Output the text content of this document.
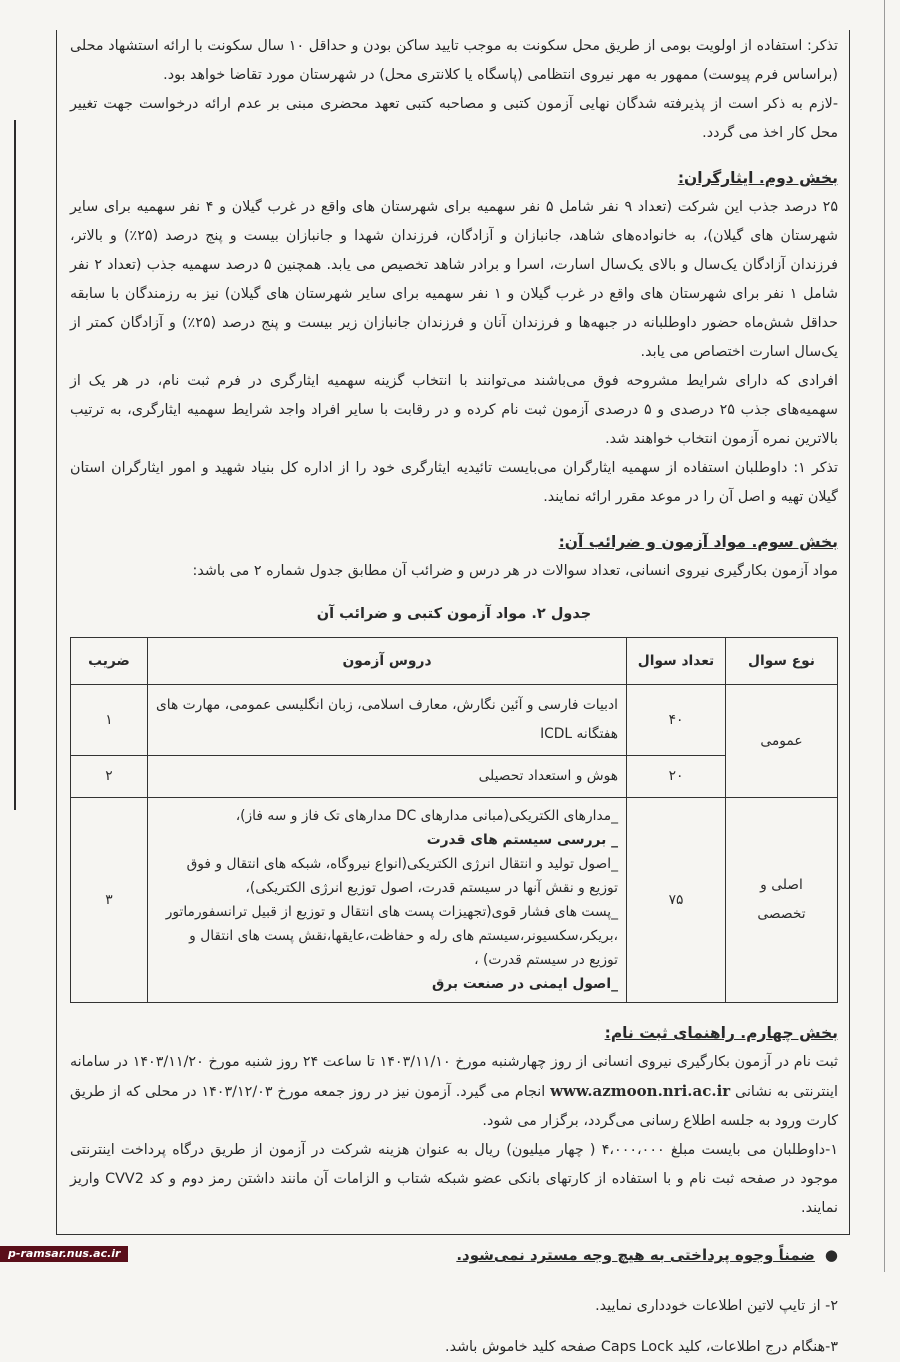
تذکر: استفاده از اولویت بومی از طریق محل سکونت به موجب تایید ساکن بودن و حداقل ۱۰ سال سکونت با ارائه استشهاد محلی (براساس فرم پیوست) ممهور به مهر نیروی انتظامی (پاسگاه یا کلانتری محل) در شهرستان مورد تقاضا خواهد بود.

-لازم به ذکر است از پذیرفته شدگان نهایی آزمون کتبی و مصاحبه کتبی تعهد محضری مبنی بر عدم ارائه درخواست جهت تغییر محل کار اخذ می گردد.

بخش دوم. ایثارگران:

۲۵ درصد جذب این شرکت (تعداد ۹ نفر شامل ۵ نفر سهمیه برای شهرستان های واقع در غرب گیلان و ۴ نفر سهمیه برای سایر شهرستان های گیلان)، به خانواده‌های شاهد، جانبازان و آزادگان، فرزندان شهدا و جانبازان بیست و پنج درصد (۲۵٪) و بالاتر، فرزندان آزادگان یک‌سال و بالای یک‌سال اسارت، اسرا و برادر شاهد تخصیص می یابد. همچنین ۵ درصد سهمیه جذب (تعداد ۲ نفر شامل ۱ نفر برای شهرستان های واقع در غرب گیلان و ۱ نفر سهمیه برای سایر شهرستان های گیلان) نیز به رزمندگان با سابقه حداقل شش‌ماه حضور داوطلبانه در جبهه‌ها و فرزندان آنان و فرزندان جانبازان زیر بیست و پنج درصد (۲۵٪) و آزادگان کمتر از یک‌سال اسارت اختصاص می یابد.

افرادی که دارای شرایط مشروحه فوق می‌باشند می‌توانند با انتخاب گزینه سهمیه ایثارگری در فرم ثبت نام، در هر یک از سهمیه‌های جذب ۲۵ درصدی و ۵ درصدی آزمون ثبت نام کرده و در رقابت با سایر افراد واجد شرایط سهمیه ایثارگری، به ترتیب بالاترین نمره آزمون انتخاب خواهند شد.

تذکر ۱: داوطلبان استفاده از سهمیه ایثارگران می‌بایست تائیدیه ایثارگری خود را از اداره کل بنیاد شهید و امور ایثارگران استان گیلان تهیه و اصل آن را در موعد مقرر ارائه نمایند.

بخش سوم. مواد آزمون و ضرائب آن:

مواد آزمون بکارگیری نیروی انسانی، تعداد سوالات در هر درس و ضرائب آن مطابق جدول شماره ۲ می باشد:

جدول ۲. مواد آزمون کتبی و ضرائب آن

نوع سوال	تعداد سوال	دروس آزمون	ضریب
عمومی	۴۰	ادبیات فارسی و آئین نگارش، معارف اسلامی، زبان انگلیسی عمومی، مهارت های هفتگانه ICDL	۱
	۲۰	هوش و استعداد تحصیلی	۲
اصلی و تخصصی	۷۵	_مدارهای الکتریکی(مبانی مدارهای DC مدارهای تک فاز و سه فاز)،
_ بررسی سیستم های قدرت
_اصول تولید و انتقال انرژی الکتریکی(انواع نیروگاه، شبکه های انتقال و فوق توزیع و نقش آنها در سیستم قدرت، اصول توزیع انرژی الکتریکی)،
_پست های فشار قوی(تجهیزات پست های انتقال و توزیع از قبیل ترانسفورماتور ،بریکر،سکسیونر،سیستم های رله و حفاظت،عایقها،نقش پست های انتقال و توزیع در سیستم قدرت) ،
_اصول ایمنی در صنعت برق	۳

بخش چهارم. راهنمای ثبت نام:

ثبت نام در آزمون بکارگیری نیروی انسانی از روز چهارشنبه مورخ ۱۴۰۳/۱۱/۱۰ تا ساعت ۲۴ روز شنبه مورخ ۱۴۰۳/۱۱/۲۰ در سامانه اینترنتی به نشانی www.azmoon.nri.ac.ir انجام می گیرد. آزمون نیز در روز جمعه مورخ ۱۴۰۳/۱۲/۰۳ در محلی که از طریق کارت ورود به جلسه اطلاع رسانی می‌گردد، برگزار می شود.

۱-داوطلبان می بایست مبلغ ۴،۰۰۰،۰۰۰ ( چهار میلیون) ریال به عنوان هزینه شرکت در آزمون از طریق درگاه پرداخت اینترنتی موجود در صفحه ثبت نام و با استفاده از کارتهای بانکی عضو شبکه شتاب و الزامات آن مانند داشتن رمز دوم و کد CVV2 واریز نمایند.

●ضمناً وجوه پرداختی به هیچ وجه مسترد نمی‌شود.

۲- از تایپ لاتین اطلاعات خودداری نمایید.

۳-هنگام درج اطلاعات، کلید Caps Lock صفحه کلید خاموش باشد.

p-ramsar.nus.ac.ir
